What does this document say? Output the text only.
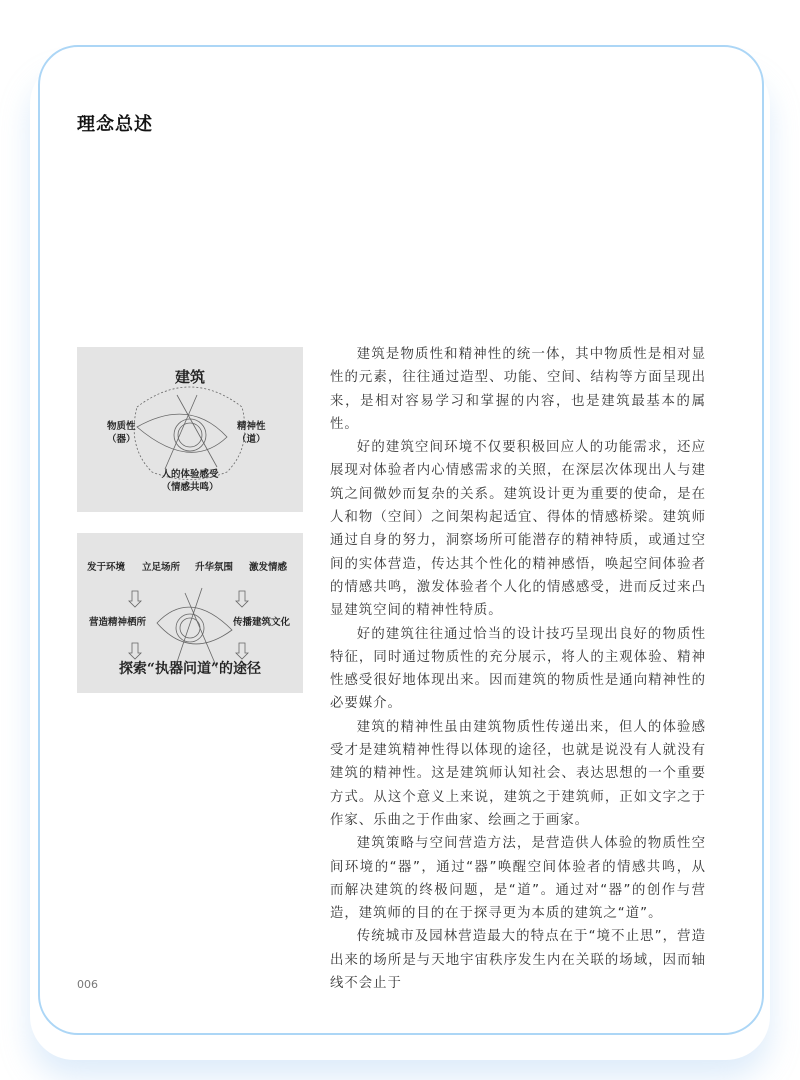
理念总述
建筑
物质性
（器）
精神性
（道）
人的体验感受
（情感共鸣）
发于环境 立足场所 升华氛围 激发情感
营造精神栖所	传播建筑文化
探索“执器问道”的途径

建筑是物质性和精神性的统一体，其中物质性是相对显性的元素，往往通过造型、功能、空间、结构等方面呈现出来，是相对容易学习和掌握的内容，也是建筑最基本的属性。

好的建筑空间环境不仅要积极回应人的功能需求，还应展现对体验者内心情感需求的关照，在深层次体现出人与建筑之间微妙而复杂的关系。建筑设计更为重要的使命，是在人和物（空间）之间架构起适宜、得体的情感桥梁。建筑师通过自身的努力，洞察场所可能潜存的精神特质，或通过空间的实体营造，传达其个性化的精神感悟，唤起空间体验者的情感共鸣，激发体验者个人化的情感感受，进而反过来凸显建筑空间的精神性特质。

好的建筑往往通过恰当的设计技巧呈现出良好的物质性特征，同时通过物质性的充分展示，将人的主观体验、精神性感受很好地体现出来。因而建筑的物质性是通向精神性的必要媒介。

建筑的精神性虽由建筑物质性传递出来，但人的体验感受才是建筑精神性得以体现的途径，也就是说没有人就没有建筑的精神性。这是建筑师认知社会、表达思想的一个重要方式。从这个意义上来说，建筑之于建筑师，正如文字之于作家、乐曲之于作曲家、绘画之于画家。

建筑策略与空间营造方法，是营造供人体验的物质性空间环境的“器”，通过“器”唤醒空间体验者的情感共鸣，从而解决建筑的终极问题，是“道”。通过对“器”的创作与营造，建筑师的目的在于探寻更为本质的建筑之“道”。

传统城市及园林营造最大的特点在于“境不止思”，营造出来的场所是与天地宇宙秩序发生内在关联的场域，因而轴线不会止于

006
